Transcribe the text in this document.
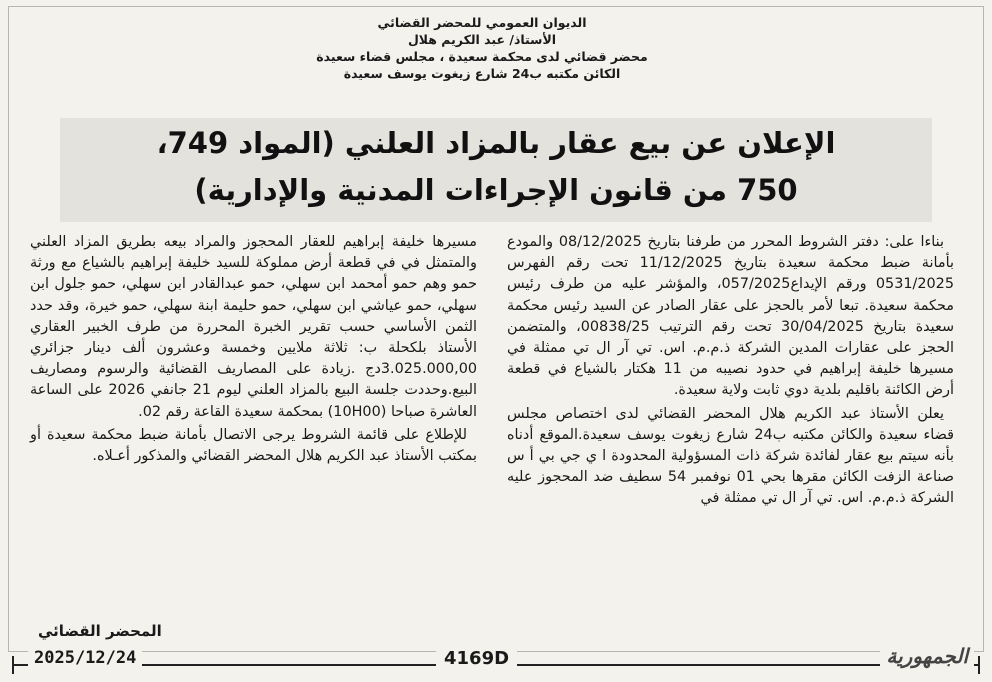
الديوان العمومي للمحضر القضائي
الأستاذ/ عبد الكريم هلال
محضر قضائي لدى محكمة سعيدة ، مجلس قضاء سعيدة
الكائن مكتبه ب24 شارع زيغوت يوسف سعيدة
الإعلان عن بيع عقار بالمزاد العلني (المواد 749،
750 من قانون الإجراءات المدنية والإدارية)

بناءا على: دفتر الشروط المحرر من طرفنا بتاريخ 08/12/2025 والمودع بأمانة ضبط محكمة سعيدة بتاريخ 11/12/2025 تحت رقم الفهرس 0531/2025 ورقم الإيداع057/2025، والمؤشر عليه من طرف رئيس محكمة سعيدة. تبعا لأمر بالحجز على عقار الصادر عن السيد رئيس محكمة سعيدة بتاريخ 30/04/2025 تحت رقم الترتيب 00838/25، والمتضمن الحجز على عقارات المدين الشركة ذ.م.م. اس. تي آر ال تي ممثلة في مسيرها خليفة إبراهيم في حدود نصيبه من 11 هكتار بالشياع في قطعة أرض الكائنة باقليم بلدية دوي ثابت ولاية سعيدة.

يعلن الأستاذ عبد الكريم هلال المحضر القضائي لدى اختصاص مجلس قضاء سعيدة والكائن مكتبه ب24 شارع زيغوت يوسف سعيدة.الموقع أدناه بأنه سيتم بيع عقار لفائدة شركة ذات المسؤولية المحدودة ا ي جي بي أ س صناعة الزفت الكائن مقرها بحي 01 نوفمبر 54 سطيف ضد المحجوز عليه الشركة ذ.م.م. اس. تي آر ال تي ممثلة في

مسيرها خليفة إبراهيم للعقار المحجوز والمراد بيعه بطريق المزاد العلني والمتمثل في في قطعة أرض مملوكة للسيد خليفة إبراهيم بالشياع مع ورثة حمو وهم حمو أمحمد ابن سهلي، حمو عبدالقادر ابن سهلي، حمو جلول ابن سهلي، حمو عياشي ابن سهلي، حمو حليمة ابنة سهلي، حمو خيرة، وقد حدد الثمن الأساسي حسب تقرير الخبرة المحررة من طرف الخبير العقاري الأستاذ بلكحلة ب: ثلاثة ملايين وخمسة وعشرون ألف دينار جزائري 3.025.000,00دج .زيادة على المصاريف القضائية والرسوم ومصاريف البيع.وحددت جلسة البيع بالمزاد العلني ليوم 21 جانفي 2026 على الساعة العاشرة صباحا (10H00) بمحكمة سعيدة القاعة رقم 02.

للإطلاع على قائمة الشروط يرجى الاتصال بأمانة ضبط محكمة سعيدة أو بمكتب الأستاذ عبد الكريم هلال المحضر القضائي والمذكور أعـلاه.

المحضر القضائي
2025/12/24	4169D	الجمهورية
